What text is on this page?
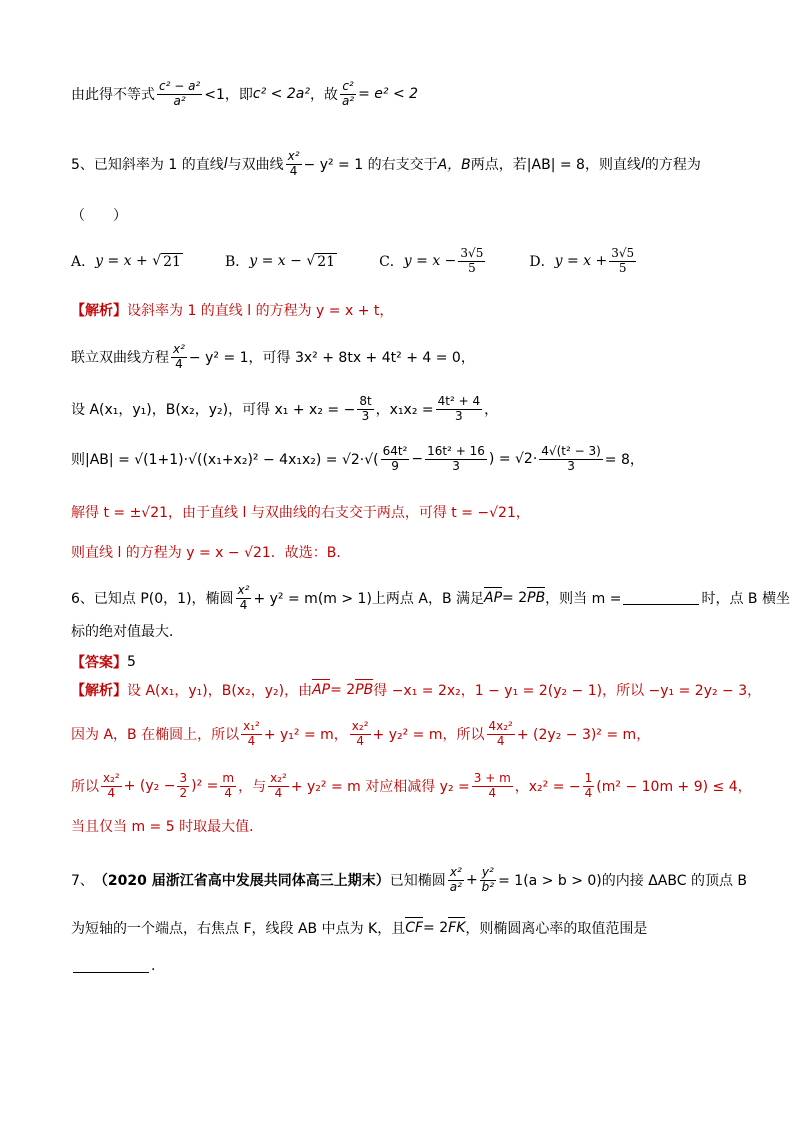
由此得不等式 $\frac{\text{c² − a²}}{\text{a²}} <1$，即 c² < 2a² ，故 $\frac{\text{c²}}{\text{a²}} = e^2 < 2$
5、已知斜率为 1 的直线 l 与双曲线 $\frac{\text{x²}}{4} - y^2 = 1$ 的右支交于 A，B 两点，若|AB| = 8，则直线 l 的方程为
（　　）
A． y = x + √ 21	B． y = x − √ 21	C． $y = x - \frac{3√5}{5}$	D． $y = x + \frac{3√5}{5}$
【解析】 设斜率为 1 的直线 l 的方程为 y = x + t，
联立双曲线方程 $\frac{\text{x²}}{4} - y^2 = 1$，可得 3x² + 8tx + 4t² + 4 = 0，
设 A(x₁，y₁)，B(x₂，y₂)，可得 x₁ + x₂ = − $\frac{8t}{3}$ ，$x_1x_2 = \frac{\text{4t² + 4}}{3}$ ，
则$|AB| = √(1+1)\cdot√((x_1+x_2)^2 - 4x_1x_2) = √2\cdot√( \frac{\text{64t²}}{9} - \frac{\text{16t² + 16}}{3}$ ) = $√2\cdot \frac{\text{4√(t² − 3)}}{3} = 8$，
解得 t = ±√21，由于直线 l 与双曲线的右支交于两点，可得 t = −√21，
则直线 l 的方程为 y = x − √21．故选：B．
6、已知点 P(0，1)，椭圆 $\frac{\text{x²}}{4} + y^2 = m(m > 1)$上两点 A，B 满足 AP = 2 PB ，则当 m =	时，点 B 横坐
标的绝对值最大．
【答案】 5
【解析】 设 A(x₁，y₁)，B(x₂，y₂)，由 AP = 2 PB 得 −x₁ = 2x₂，1 − y₁ = 2(y₂ − 1)，所以 −y₁ = 2y₂ − 3，
因为 A，B 在椭圆上，所以 $\frac{\text{x₁²}}{4} + y_1^2 = m$， $\frac{\text{x₂²}}{4} + y_2^2 = m$，所以 $\frac{\text{4x₂²}}{4} + (2y_2 - 3)^2 = m$，
所以 $\frac{\text{x₂²}}{4} + (y_2 - \frac{3}{2} )^2 = \frac{m}{4}$ ，与 $\frac{\text{x₂²}}{4} + y_2^2 = m$ 对应相减得 $y_2 = \frac{3 + m}{4}$ ，x₂² = − $\frac{1}{4} (m^2 - 10m + 9) \le 4$，
当且仅当 m = 5 时取最大值．
7、 （2020 届浙江省高中发展共同体高三上期末） 已知椭圆 $\frac{\text{x²}}{\text{a²}} + \frac{\text{y²}}{\text{b²}} = 1(a > b > 0)$的内接 ΔABC 的顶点 B
为短轴的一个端点，右焦点 F，线段 AB 中点为 K，且 CF = 2 FK ，则椭圆离心率的取值范围是
.
